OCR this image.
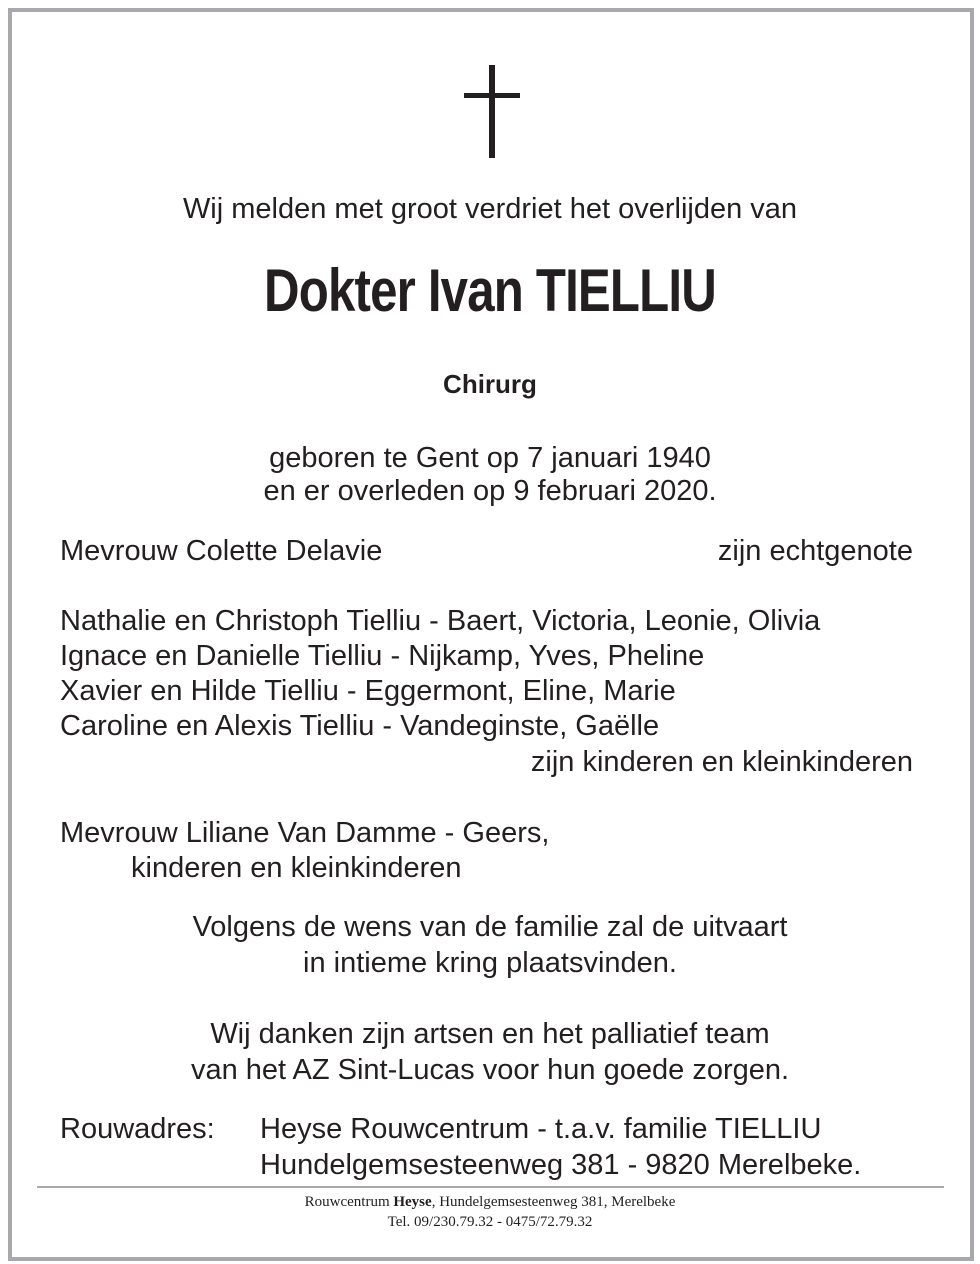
Wij melden met groot verdriet het overlijden van
Dokter Ivan TIELLIU
Chirurg
geboren te Gent op 7 januari 1940
en er overleden op 9 februari 2020.
Mevrouw Colette Delavie	zijn echtgenote
Nathalie en Christoph Tielliu - Baert, Victoria, Leonie, Olivia
Ignace en Danielle Tielliu - Nijkamp, Yves, Pheline
Xavier en Hilde Tielliu - Eggermont, Eline, Marie
Caroline en Alexis Tielliu - Vandeginste, Gaëlle
zijn kinderen en kleinkinderen
Mevrouw Liliane Van Damme - Geers,
kinderen en kleinkinderen
Volgens de wens van de familie zal de uitvaart
in intieme kring plaatsvinden.
Wij danken zijn artsen en het palliatief team
van het AZ Sint-Lucas voor hun goede zorgen.
Rouwadres: Heyse Rouwcentrum - t.a.v. familie TIELLIU
Hundelgemsesteenweg 381 - 9820 Merelbeke.
Rouwcentrum Heyse, Hundelgemsesteenweg 381, Merelbeke
Tel. 09/230.79.32 - 0475/72.79.32
